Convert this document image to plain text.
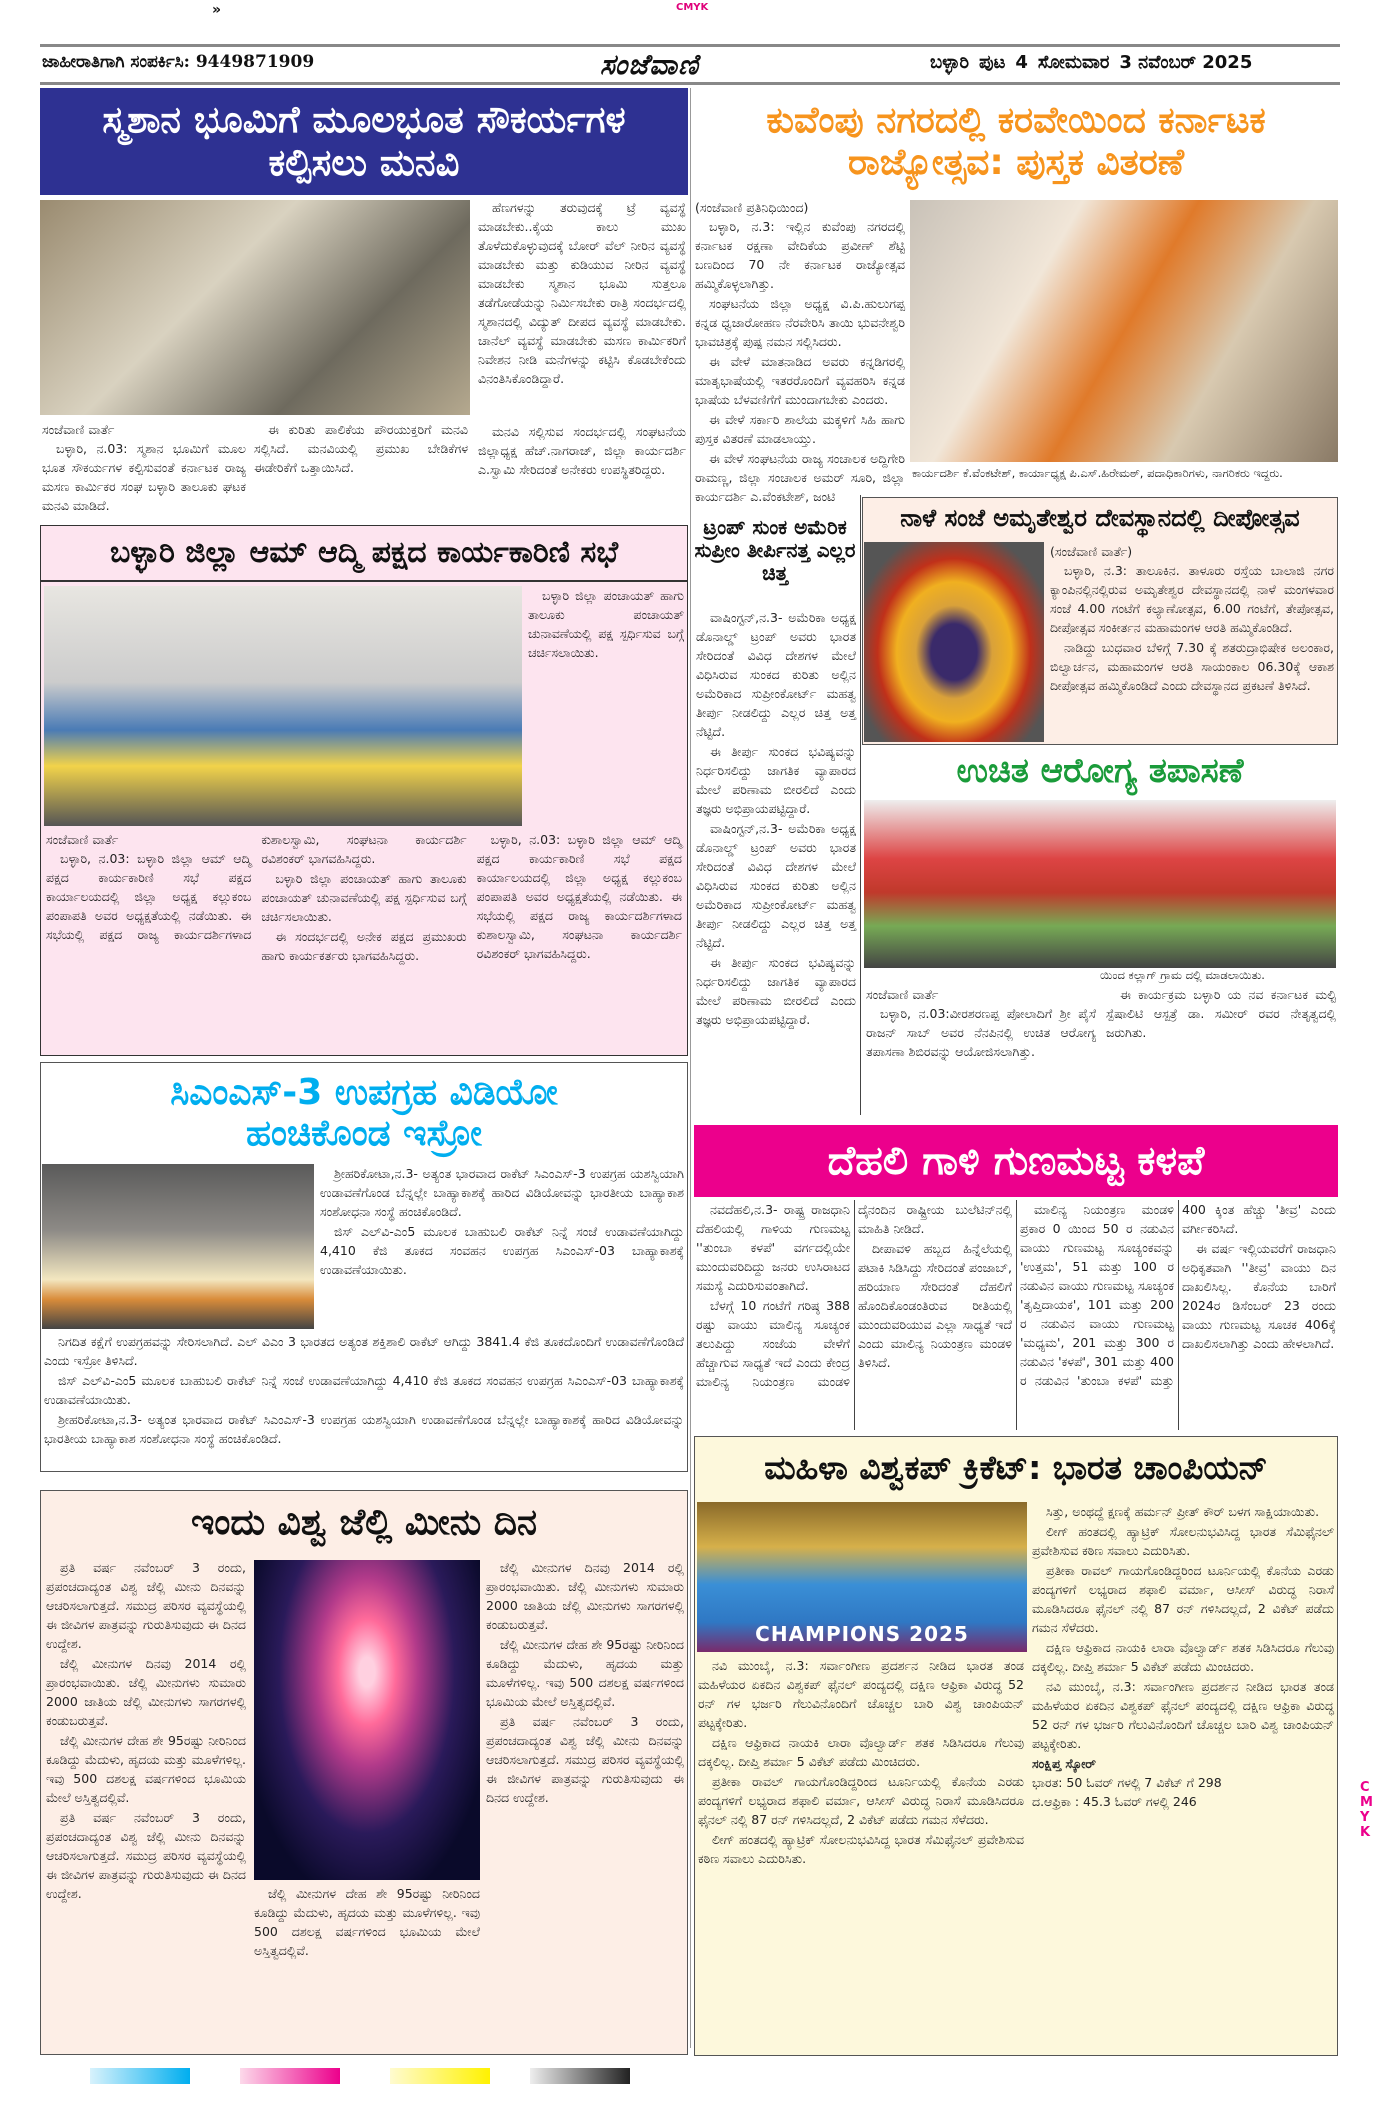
»	CMYK
ಜಾಹೀರಾತಿಗಾಗಿ ಸಂಪರ್ಕಿಸಿ: 9449871909	ಸಂಜೆವಾಣಿ	ಬಳ್ಳಾರಿ ಪುಟ 4 ಸೋಮವಾರ 3 ನವೆಂಬರ್ 2025
ಸ್ಮಶಾನ ಭೂಮಿಗೆ ಮೂಲಭೂತ ಸೌಕರ್ಯಗಳ ಕಲ್ಪಿಸಲು ಮನವಿ

ಹೆಣಗಳನ್ನು ತರುವುದಕ್ಕೆ ಟ್ರೆ ವ್ಯವಸ್ಥೆ ಮಾಡಬೇಕು..ಕೈಯ ಕಾಲು ಮುಖ ತೊಳೆದುಕೊಳ್ಳುವುದಕ್ಕೆ ಬೋರ್ ವೆಲ್ ನೀರಿನ ವ್ಯವಸ್ಥೆ ಮಾಡಬೇಕು ಮತ್ತು ಕುಡಿಯುವ ನೀರಿನ ವ್ಯವಸ್ಥೆ ಮಾಡಬೇಕು ಸ್ಮಶಾನ ಭೂಮಿ ಸುತ್ತಲೂ ತಡೆಗೋಡೆಯನ್ನು ನಿರ್ಮಿಸಬೇಕು ರಾತ್ರಿ ಸಂದರ್ಭದಲ್ಲಿ ಸ್ಮಶಾನದಲ್ಲಿ ವಿದ್ಯುತ್ ದೀಪದ ವ್ಯವಸ್ಥೆ ಮಾಡಬೇಕು. ಚಾನೆಲ್ ವ್ಯವಸ್ಥೆ ಮಾಡಬೇಕು ಮಸಣ ಕಾರ್ಮಿಕರಿಗೆ ನಿವೇಶನ ನೀಡಿ ಮನೆಗಳನ್ನು ಕಟ್ಟಿಸಿ ಕೊಡಬೇಕೆಂದು ವಿನಂತಿಸಿಕೊಂಡಿದ್ದಾರೆ.

ಸಂಜೆವಾಣಿ ವಾರ್ತೆ

ಬಳ್ಳಾರಿ, ನ.03: ಸ್ಮಶಾನ ಭೂಮಿಗೆ ಮೂಲ ಭೂತ ಸೌಕರ್ಯಗಳ ಕಲ್ಪಿಸುವಂತೆ ಕರ್ನಾಟಕ ರಾಜ್ಯ ಮಸಣ ಕಾರ್ಮಿಕರ ಸಂಘ ಬಳ್ಳಾರಿ ತಾಲೂಕು ಘಟಕ ಮನವಿ ಮಾಡಿದೆ.

ಈ ಕುರಿತು ಪಾಲಿಕೆಯ ಪೌರಯುಕ್ತರಿಗೆ ಮನವಿ ಸಲ್ಲಿಸಿದೆ. ಮನವಿಯಲ್ಲಿ ಪ್ರಮುಖ ಬೇಡಿಕೆಗಳ ಈಡೇರಿಕೆಗೆ ಒತ್ತಾಯಿಸಿದೆ.

ಮನವಿ ಸಲ್ಲಿಸುವ ಸಂದರ್ಭದಲ್ಲಿ ಸಂಘಟನೆಯ ಜಿಲ್ಲಾಧ್ಯಕ್ಷ ಹೆಚ್.ನಾಗರಾಜ್, ಜಿಲ್ಲಾ ಕಾರ್ಯದರ್ಶಿ ಎ.ಸ್ವಾಮಿ ಸೇರಿದಂತೆ ಅನೇಕರು ಉಪಸ್ಥಿತರಿದ್ದರು.

ಕುವೆಂಪು ನಗರದಲ್ಲಿ ಕರವೇಯಿಂದ ಕರ್ನಾಟಕ ರಾಜ್ಯೋತ್ಸವ: ಪುಸ್ತಕ ವಿತರಣೆ
(ಸಂಜೆವಾಣಿ ಪ್ರತಿನಿಧಿಯಿಂದ)

ಬಳ್ಳಾರಿ, ನ.3: ಇಲ್ಲಿನ ಕುವೆಂಪು ನಗರದಲ್ಲಿ ಕರ್ನಾಟಕ ರಕ್ಷಣಾ ವೇದಿಕೆಯ ಪ್ರವೀಣ್ ಶೆಟ್ಟಿ ಬಣದಿಂದ 70 ನೇ ಕರ್ನಾಟಕ ರಾಜ್ಯೋತ್ಸವ ಹಮ್ಮಿಕೊಳ್ಳಲಾಗಿತ್ತು.

ಸಂಘಟನೆಯ ಜಿಲ್ಲಾ ಅಧ್ಯಕ್ಷ ವಿ.ಪಿ.ಹುಲುಗಪ್ಪ ಕನ್ನಡ ಧ್ವಜಾರೋಹಣ ನೆರವೇರಿಸಿ ತಾಯಿ ಭುವನೇಶ್ವರಿ ಭಾವಚಿತ್ರಕ್ಕೆ ಪುಷ್ಪ ನಮನ ಸಲ್ಲಿಸಿದರು.

ಈ ವೇಳೆ ಮಾತನಾಡಿದ ಅವರು ಕನ್ನಡಿಗರಲ್ಲಿ ಮಾತೃಭಾಷೆಯಲ್ಲಿ ಇತರರೊಂದಿಗೆ ವ್ಯವಹರಿಸಿ ಕನ್ನಡ ಭಾಷೆಯ ಬೆಳವಣಿಗೆಗೆ ಮುಂದಾಗಬೇಕು ಎಂದರು.

ಈ ವೇಳೆ ಸರ್ಕಾರಿ ಶಾಲೆಯ ಮಕ್ಕಳಿಗೆ ಸಿಹಿ ಹಾಗು ಪುಸ್ತಕ ವಿತರಣೆ ಮಾಡಲಾಯ್ತು.

ಈ ವೇಳೆ ಸಂಘಟನೆಯ ರಾಜ್ಯ ಸಂಚಾಲಕ ಅದ್ದಿಗೇರಿ ರಾಮಣ್ಣ, ಜಿಲ್ಲಾ ಸಂಚಾಲಕ ಅಮರ್ ಸೂರಿ, ಜಿಲ್ಲಾ ಕಾರ್ಯದರ್ಶಿ ಎ.ವೆಂಕಟೇಶ್, ಜಂಟಿ

ಕಾರ್ಯದರ್ಶಿ ಕೆ.ವೆಂಕಟೇಶ್, ಕಾರ್ಯಾಧ್ಯಕ್ಷ ಪಿ.ಎಸ್.ಹಿರೇಮಠ್, ಪದಾಧಿಕಾರಿಗಳು, ನಾಗರಿಕರು ಇದ್ದರು.
ಬಳ್ಳಾರಿ ಜಿಲ್ಲಾ ಆಮ್ ಆದ್ಮಿ ಪಕ್ಷದ ಕಾರ್ಯಕಾರಿಣಿ ಸಭೆ

ಬಳ್ಳಾರಿ ಜಿಲ್ಲಾ ಪಂಚಾಯತ್ ಹಾಗು ತಾಲೂಕು ಪಂಚಾಯತ್ ಚುನಾವಣೆಯಲ್ಲಿ ಪಕ್ಷ ಸ್ಪರ್ಧಿಸುವ ಬಗ್ಗೆ ಚರ್ಚಿಸಲಾಯಿತು.

ಸಂಜೆವಾಣಿ ವಾರ್ತೆ

ಬಳ್ಳಾರಿ, ನ.03: ಬಳ್ಳಾರಿ ಜಿಲ್ಲಾ ಆಮ್ ಆದ್ಮಿ ಪಕ್ಷದ ಕಾರ್ಯಕಾರಿಣಿ ಸಭೆ ಪಕ್ಷದ ಕಾರ್ಯಾಲಯದಲ್ಲಿ ಜಿಲ್ಲಾ ಅಧ್ಯಕ್ಷ ಕಲ್ಲುಕಂಬ ಪಂಪಾಪತಿ ಅವರ ಅಧ್ಯಕ್ಷತೆಯಲ್ಲಿ ನಡೆಯಿತು. ಈ ಸಭೆಯಲ್ಲಿ ಪಕ್ಷದ ರಾಜ್ಯ ಕಾರ್ಯದರ್ಶಿಗಳಾದ ಕುಶಾಲಸ್ವಾಮಿ, ಸಂಘಟನಾ ಕಾರ್ಯದರ್ಶಿ ರವಿಶಂಕರ್ ಭಾಗವಹಿಸಿದ್ದರು.

ಬಳ್ಳಾರಿ ಜಿಲ್ಲಾ ಪಂಚಾಯತ್ ಹಾಗು ತಾಲೂಕು ಪಂಚಾಯತ್ ಚುನಾವಣೆಯಲ್ಲಿ ಪಕ್ಷ ಸ್ಪರ್ಧಿಸುವ ಬಗ್ಗೆ ಚರ್ಚಿಸಲಾಯಿತು.

ಈ ಸಂದರ್ಭದಲ್ಲಿ ಅನೇಕ ಪಕ್ಷದ ಪ್ರಮುಖರು ಹಾಗು ಕಾರ್ಯಕರ್ತರು ಭಾಗವಹಿಸಿದ್ದರು.

ಬಳ್ಳಾರಿ, ನ.03: ಬಳ್ಳಾರಿ ಜಿಲ್ಲಾ ಆಮ್ ಆದ್ಮಿ ಪಕ್ಷದ ಕಾರ್ಯಕಾರಿಣಿ ಸಭೆ ಪಕ್ಷದ ಕಾರ್ಯಾಲಯದಲ್ಲಿ ಜಿಲ್ಲಾ ಅಧ್ಯಕ್ಷ ಕಲ್ಲುಕಂಬ ಪಂಪಾಪತಿ ಅವರ ಅಧ್ಯಕ್ಷತೆಯಲ್ಲಿ ನಡೆಯಿತು. ಈ ಸಭೆಯಲ್ಲಿ ಪಕ್ಷದ ರಾಜ್ಯ ಕಾರ್ಯದರ್ಶಿಗಳಾದ ಕುಶಾಲಸ್ವಾಮಿ, ಸಂಘಟನಾ ಕಾರ್ಯದರ್ಶಿ ರವಿಶಂಕರ್ ಭಾಗವಹಿಸಿದ್ದರು.

ಟ್ರಂಪ್ ಸುಂಕ ಅಮೆರಿಕ ಸುಪ್ರೀಂ ತೀರ್ಪಿನತ್ತ ಎಲ್ಲರ ಚಿತ್ತ

ವಾಷಿಂಗ್ಟನ್,ನ.3- ಅಮೆರಿಕಾ ಅಧ್ಯಕ್ಷ ಡೊನಾಲ್ಡ್ ಟ್ರಂಪ್ ಅವರು ಭಾರತ ಸೇರಿದಂತೆ ವಿವಿಧ ದೇಶಗಳ ಮೇಲೆ ವಿಧಿಸಿರುವ ಸುಂಕದ ಕುರಿತು ಅಲ್ಲಿನ ಅಮೆರಿಕಾದ ಸುಪ್ರೀಂಕೋರ್ಟ್ ಮಹತ್ವ ತೀರ್ಪು ನೀಡಲಿದ್ದು ಎಲ್ಲರ ಚಿತ್ತ ಅತ್ತ ನೆಟ್ಟಿದೆ.

ಈ ತೀರ್ಪು ಸುಂಕದ ಭವಿಷ್ಯವನ್ನು ನಿರ್ಧರಿಸಲಿದ್ದು ಜಾಗತಿಕ ವ್ಯಾಪಾರದ ಮೇಲೆ ಪರಿಣಾಮ ಬೀರಲಿದೆ ಎಂದು ತಜ್ಞರು ಅಭಿಪ್ರಾಯಪಟ್ಟಿದ್ದಾರೆ.

ವಾಷಿಂಗ್ಟನ್,ನ.3- ಅಮೆರಿಕಾ ಅಧ್ಯಕ್ಷ ಡೊನಾಲ್ಡ್ ಟ್ರಂಪ್ ಅವರು ಭಾರತ ಸೇರಿದಂತೆ ವಿವಿಧ ದೇಶಗಳ ಮೇಲೆ ವಿಧಿಸಿರುವ ಸುಂಕದ ಕುರಿತು ಅಲ್ಲಿನ ಅಮೆರಿಕಾದ ಸುಪ್ರೀಂಕೋರ್ಟ್ ಮಹತ್ವ ತೀರ್ಪು ನೀಡಲಿದ್ದು ಎಲ್ಲರ ಚಿತ್ತ ಅತ್ತ ನೆಟ್ಟಿದೆ.

ಈ ತೀರ್ಪು ಸುಂಕದ ಭವಿಷ್ಯವನ್ನು ನಿರ್ಧರಿಸಲಿದ್ದು ಜಾಗತಿಕ ವ್ಯಾಪಾರದ ಮೇಲೆ ಪರಿಣಾಮ ಬೀರಲಿದೆ ಎಂದು ತಜ್ಞರು ಅಭಿಪ್ರಾಯಪಟ್ಟಿದ್ದಾರೆ.

ನಾಳೆ ಸಂಜೆ ಅಮೃತೇಶ್ವರ ದೇವಸ್ಥಾನದಲ್ಲಿ ದೀಪೋತ್ಸವ
(ಸಂಜೆವಾಣಿ ವಾರ್ತೆ)

ಬಳ್ಳಾರಿ, ನ.3: ತಾಲೂಕಿನ. ತಾಳೂರು ರಸ್ತೆಯ ಬಾಲಾಜಿ ನಗರ ಕ್ಯಾಂಪಿನಲ್ಲಿನಲ್ಲಿರುವ ಅಮೃತೇಶ್ವರ ದೇವಸ್ಥಾನದಲ್ಲಿ ನಾಳೆ ಮಂಗಳವಾರ ಸಂಜೆ 4.00 ಗಂಟೆಗೆ ಕಲ್ಯಾಣೋತ್ಸವ, 6.00 ಗಂಟೆಗೆ, ತೇಪೋತ್ಸವ, ದೀಪೋತ್ಸವ ಸಂಕೀರ್ತನ ಮಹಾಮಂಗಳ ಆರತಿ ಹಮ್ಮಿಕೊಂಡಿದೆ.

ನಾಡಿದ್ದು ಬುಧವಾರ ಬೆಳಿಗ್ಗೆ 7.30 ಕ್ಕೆ ಶತರುದ್ರಾಭಿಷೇಕ ಅಲಂಕಾರ, ಬಿಲ್ವಾರ್ಚನ, ಮಹಾಮಂಗಳ ಆರತಿ ಸಾಯಂಕಾಲ 06.30ಕ್ಕೆ ಆಕಾಶ ದೀಪೋತ್ಸವ ಹಮ್ಮಿಕೊಂಡಿದೆ ಎಂದು ದೇವಸ್ಥಾನದ ಪ್ರಕಟಣೆ ತಿಳಿಸಿದೆ.

ಉಚಿತ ಆರೋಗ್ಯ ತಪಾಸಣೆ
ಯಿಂದ ಕಲ್ಲಾಗ್ ಗ್ರಾಮ ದಲ್ಲಿ ಮಾಡಲಾಯಿತು.
ಸಂಜೆವಾಣಿ ವಾರ್ತೆ

ಬಳ್ಳಾರಿ, ನ.03:ವೀರಶರಣಪ್ಪ ಪೋಲಾದಿಗೆ ಶ್ರೀ ಪೈಸೆ ರಾಜನ್ ಸಾಬ್ ಅವರ ನೆನಪಿನಲ್ಲಿ ಉಚಿತ ಆರೋಗ್ಯ ತಪಾಸಣಾ ಶಿಬಿರವನ್ನು ಆಯೋಜಿಸಲಾಗಿತ್ತು.

ಈ ಕಾರ್ಯಕ್ರಮ ಬಳ್ಳಾರಿ ಯ ನವ ಕರ್ನಾಟಕ ಮಲ್ಟಿ ಸ್ಪೆಷಾಲಿಟಿ ಆಸ್ಪತ್ರೆ ಡಾ. ಸಮೀರ್ ರವರ ನೇತೃತ್ವದಲ್ಲಿ ಜರುಗಿತು.

ಸಿಎಂಎಸ್-3 ಉಪಗ್ರಹ ವಿಡಿಯೋ ಹಂಚಿಕೊಂಡ ಇಸ್ರೋ

ಶ್ರೀಹರಿಕೋಟಾ,ನ.3- ಅತ್ಯಂತ ಭಾರವಾದ ರಾಕೆಟ್ ಸಿಎಂಎಸ್-3 ಉಪಗ್ರಹ ಯಶಸ್ವಿಯಾಗಿ ಉಡಾವಣೆಗೊಂಡ ಬೆನ್ನಲ್ಲೇ ಬಾಹ್ಯಾಕಾಶಕ್ಕೆ ಹಾರಿದ ವಿಡಿಯೋವನ್ನು ಭಾರತೀಯ ಬಾಹ್ಯಾಕಾಶ ಸಂಶೋಧನಾ ಸಂಸ್ಥೆ ಹಂಚಿಕೊಂಡಿದೆ.

ಜಿಸ್ ಎಲ್‌ವಿ-ಎಂ5 ಮೂಲಕ ಬಾಹುಬಲಿ ರಾಕೆಟ್ ನಿನ್ನೆ ಸಂಜೆ ಉಡಾವಣೆಯಾಗಿದ್ದು 4,410 ಕೆಜಿ ತೂಕದ ಸಂವಹನ ಉಪಗ್ರಹ ಸಿಎಂಎಸ್-03 ಬಾಹ್ಯಾಕಾಶಕ್ಕೆ ಉಡಾವಣೆಯಾಯಿತು.

ನಿಗದಿತ ಕಕ್ಷೆಗೆ ಉಪಗ್ರಹವನ್ನು ಸೇರಿಸಲಾಗಿದೆ. ಎಲ್ ವಿಎಂ 3 ಭಾರತದ ಅತ್ಯಂತ ಶಕ್ತಿಶಾಲಿ ರಾಕೆಟ್ ಆಗಿದ್ದು 3841.4 ಕೆಜಿ ತೂಕದೊಂದಿಗೆ ಉಡಾವಣೆಗೊಂಡಿದೆ ಎಂದು ಇಸ್ರೋ ತಿಳಿಸಿದೆ.

ಜಿಸ್ ಎಲ್‌ವಿ-ಎಂ5 ಮೂಲಕ ಬಾಹುಬಲಿ ರಾಕೆಟ್ ನಿನ್ನೆ ಸಂಜೆ ಉಡಾವಣೆಯಾಗಿದ್ದು 4,410 ಕೆಜಿ ತೂಕದ ಸಂವಹನ ಉಪಗ್ರಹ ಸಿಎಂಎಸ್-03 ಬಾಹ್ಯಾಕಾಶಕ್ಕೆ ಉಡಾವಣೆಯಾಯಿತು.

ಶ್ರೀಹರಿಕೋಟಾ,ನ.3- ಅತ್ಯಂತ ಭಾರವಾದ ರಾಕೆಟ್ ಸಿಎಂಎಸ್-3 ಉಪಗ್ರಹ ಯಶಸ್ವಿಯಾಗಿ ಉಡಾವಣೆಗೊಂಡ ಬೆನ್ನಲ್ಲೇ ಬಾಹ್ಯಾಕಾಶಕ್ಕೆ ಹಾರಿದ ವಿಡಿಯೋವನ್ನು ಭಾರತೀಯ ಬಾಹ್ಯಾಕಾಶ ಸಂಶೋಧನಾ ಸಂಸ್ಥೆ ಹಂಚಿಕೊಂಡಿದೆ.

ಇಂದು ವಿಶ್ವ ಜೆಲ್ಲಿ ಮೀನು ದಿನ

ಪ್ರತಿ ವರ್ಷ ನವೆಂಬರ್ 3 ರಂದು, ಪ್ರಪಂಚದಾದ್ಯಂತ ವಿಶ್ವ ಜೆಲ್ಲಿ ಮೀನು ದಿನವನ್ನು ಆಚರಿಸಲಾಗುತ್ತದೆ. ಸಮುದ್ರ ಪರಿಸರ ವ್ಯವಸ್ಥೆಯಲ್ಲಿ ಈ ಜೀವಿಗಳ ಪಾತ್ರವನ್ನು ಗುರುತಿಸುವುದು ಈ ದಿನದ ಉದ್ದೇಶ.

ಜೆಲ್ಲಿ ಮೀನುಗಳ ದಿನವು 2014 ರಲ್ಲಿ ಪ್ರಾರಂಭವಾಯಿತು. ಜೆಲ್ಲಿ ಮೀನುಗಳು ಸುಮಾರು 2000 ಜಾತಿಯ ಜೆಲ್ಲಿ ಮೀನುಗಳು ಸಾಗರಗಳಲ್ಲಿ ಕಂಡುಬರುತ್ತವೆ.

ಜೆಲ್ಲಿ ಮೀನುಗಳ ದೇಹ ಶೇ 95ರಷ್ಟು ನೀರಿನಿಂದ ಕೂಡಿದ್ದು ಮೆದುಳು, ಹೃದಯ ಮತ್ತು ಮೂಳೆಗಳಿಲ್ಲ. ಇವು 500 ದಶಲಕ್ಷ ವರ್ಷಗಳಿಂದ ಭೂಮಿಯ ಮೇಲೆ ಅಸ್ತಿತ್ವದಲ್ಲಿವೆ.

ಪ್ರತಿ ವರ್ಷ ನವೆಂಬರ್ 3 ರಂದು, ಪ್ರಪಂಚದಾದ್ಯಂತ ವಿಶ್ವ ಜೆಲ್ಲಿ ಮೀನು ದಿನವನ್ನು ಆಚರಿಸಲಾಗುತ್ತದೆ. ಸಮುದ್ರ ಪರಿಸರ ವ್ಯವಸ್ಥೆಯಲ್ಲಿ ಈ ಜೀವಿಗಳ ಪಾತ್ರವನ್ನು ಗುರುತಿಸುವುದು ಈ ದಿನದ ಉದ್ದೇಶ.	ಜೆಲ್ಲಿ ಮೀನುಗಳ ದೇಹ ಶೇ 95ರಷ್ಟು ನೀರಿನಿಂದ ಕೂಡಿದ್ದು ಮೆದುಳು, ಹೃದಯ ಮತ್ತು ಮೂಳೆಗಳಿಲ್ಲ. ಇವು 500 ದಶಲಕ್ಷ ವರ್ಷಗಳಿಂದ ಭೂಮಿಯ ಮೇಲೆ ಅಸ್ತಿತ್ವದಲ್ಲಿವೆ.

ಜೆಲ್ಲಿ ಮೀನುಗಳ ದಿನವು 2014 ರಲ್ಲಿ ಪ್ರಾರಂಭವಾಯಿತು. ಜೆಲ್ಲಿ ಮೀನುಗಳು ಸುಮಾರು 2000 ಜಾತಿಯ ಜೆಲ್ಲಿ ಮೀನುಗಳು ಸಾಗರಗಳಲ್ಲಿ ಕಂಡುಬರುತ್ತವೆ.

ಜೆಲ್ಲಿ ಮೀನುಗಳ ದೇಹ ಶೇ 95ರಷ್ಟು ನೀರಿನಿಂದ ಕೂಡಿದ್ದು ಮೆದುಳು, ಹೃದಯ ಮತ್ತು ಮೂಳೆಗಳಿಲ್ಲ. ಇವು 500 ದಶಲಕ್ಷ ವರ್ಷಗಳಿಂದ ಭೂಮಿಯ ಮೇಲೆ ಅಸ್ತಿತ್ವದಲ್ಲಿವೆ.

ಪ್ರತಿ ವರ್ಷ ನವೆಂಬರ್ 3 ರಂದು, ಪ್ರಪಂಚದಾದ್ಯಂತ ವಿಶ್ವ ಜೆಲ್ಲಿ ಮೀನು ದಿನವನ್ನು ಆಚರಿಸಲಾಗುತ್ತದೆ. ಸಮುದ್ರ ಪರಿಸರ ವ್ಯವಸ್ಥೆಯಲ್ಲಿ ಈ ಜೀವಿಗಳ ಪಾತ್ರವನ್ನು ಗುರುತಿಸುವುದು ಈ ದಿನದ ಉದ್ದೇಶ.

ದೆಹಲಿ ಗಾಳಿ ಗುಣಮಟ್ಟ ಕಳಪೆ

ನವದೆಹಲಿ,ನ.3- ರಾಷ್ಟ್ರ ರಾಜಧಾನಿ ದೆಹಲಿಯಲ್ಲಿ ಗಾಳಿಯ ಗುಣಮಟ್ಟ ''ತುಂಬಾ ಕಳಪೆ' ವರ್ಗದಲ್ಲಿಯೇ ಮುಂದುವರಿದಿದ್ದು ಜನರು ಉಸಿರಾಟದ ಸಮಸ್ಯೆ ಎದುರಿಸುವಂತಾಗಿದೆ.

ಬೆಳಗ್ಗೆ 10 ಗಂಟೆಗೆ ಗರಿಷ್ಠ 388 ರಷ್ಟು ವಾಯು ಮಾಲಿನ್ಯ ಸೂಚ್ಯಂಕ ತಲುಪಿದ್ದು ಸಂಜೆಯ ವೇಳೆಗೆ ಹೆಚ್ಚಾಗುವ ಸಾಧ್ಯತೆ ಇದೆ ಎಂದು ಕೇಂದ್ರ ಮಾಲಿನ್ಯ ನಿಯಂತ್ರಣ ಮಂಡಳಿ ದೈನಂದಿನ ರಾಷ್ಟ್ರೀಯ ಬುಲೆಟಿನ್‌ನಲ್ಲಿ ಮಾಹಿತಿ ನೀಡಿದೆ.

ದೀಪಾವಳಿ ಹಬ್ಬದ ಹಿನ್ನೆಲೆಯಲ್ಲಿ ಪಟಾಕಿ ಸಿಡಿಸಿದ್ದು ಸೇರಿದಂತೆ ಪಂಜಾಬ್, ಹರಿಯಾಣ ಸೇರಿದಂತೆ ದೆಹಲಿಗೆ ಹೊಂದಿಕೊಂಡಂತಿರುವ ರೀತಿಯಲ್ಲಿ ಮುಂದುವರಿಯುವ ಎಲ್ಲಾ ಸಾಧ್ಯತೆ ಇದೆ ಎಂದು ಮಾಲಿನ್ಯ ನಿಯಂತ್ರಣ ಮಂಡಳಿ ತಿಳಿಸಿದೆ.

ಮಾಲಿನ್ಯ ನಿಯಂತ್ರಣ ಮಂಡಳಿ ಪ್ರಕಾರ 0 ಯಿಂದ 50 ರ ನಡುವಿನ ವಾಯು ಗುಣಮಟ್ಟ ಸೂಚ್ಯಂಕವನ್ನು 'ಉತ್ತಮ', 51 ಮತ್ತು 100 ರ ನಡುವಿನ ವಾಯು ಗುಣಮಟ್ಟ ಸೂಚ್ಯಂಕ 'ತೃಪ್ತಿದಾಯಕ', 101 ಮತ್ತು 200 ರ ನಡುವಿನ ವಾಯು ಗುಣಮಟ್ಟ 'ಮಧ್ಯಮ', 201 ಮತ್ತು 300 ರ ನಡುವಿನ 'ಕಳಪೆ', 301 ಮತ್ತು 400 ರ ನಡುವಿನ 'ತುಂಬಾ ಕಳಪೆ' ಮತ್ತು 400 ಕ್ಕಿಂತ ಹೆಚ್ಚು 'ತೀವ್ರ' ಎಂದು ವರ್ಗೀಕರಿಸಿದೆ.

ಈ ವರ್ಷ ಇಲ್ಲಿಯವರೆಗೆ ರಾಜಧಾನಿ ಅಧಿಕೃತವಾಗಿ ''ತೀವ್ರ' ವಾಯು ದಿನ ದಾಖಲಿಸಿಲ್ಲ. ಕೊನೆಯ ಬಾರಿಗೆ 2024ರ ಡಿಸೆಂಬರ್ 23 ರಂದು ವಾಯು ಗುಣಮಟ್ಟ ಸೂಚಕ 406ಕ್ಕೆ ದಾಖಲಿಸಲಾಗಿತ್ತು ಎಂದು ಹೇಳಲಾಗಿದೆ.

ಮಹಿಳಾ ವಿಶ್ವಕಪ್ ಕ್ರಿಕೆಟ್: ಭಾರತ ಚಾಂಪಿಯನ್
CHAMPIONS 2025

ಸಿತ್ತು, ಅಂಥದ್ದೆ ಕ್ಷಣಕ್ಕೆ ಹರ್ಮನ್ ಪ್ರೀತ್ ಕೌರ್ ಬಳಗ ಸಾಕ್ಷಿಯಾಯಿತು.

ಲೀಗ್ ಹಂತದಲ್ಲಿ ಹ್ಯಾಟ್ರಿಕ್ ಸೋಲನುಭವಿಸಿದ್ದ ಭಾರತ ಸೆಮಿಫೈನಲ್ ಪ್ರವೇಶಿಸುವ ಕಠಿಣ ಸವಾಲು ಎದುರಿಸಿತು.

ಪ್ರತೀಕಾ ರಾವಲ್ ಗಾಯಗೊಂಡಿದ್ದರಿಂದ ಟೂರ್ನಿಯಲ್ಲಿ ಕೊನೆಯ ಎರಡು ಪಂದ್ಯಗಳಿಗೆ ಲಭ್ಯರಾದ ಶಫಾಲಿ ವರ್ಮಾ, ಆಸೀಸ್ ವಿರುದ್ಧ ನಿರಾಸೆ ಮೂಡಿಸಿದರೂ ಫೈನಲ್ ನಲ್ಲಿ 87 ರನ್ ಗಳಿಸಿದಲ್ಲದೆ, 2 ವಿಕೆಟ್ ಪಡೆದು ಗಮನ ಸೆಳೆದರು.

ದಕ್ಷಿಣ ಆಫ್ರಿಕಾದ ನಾಯಕಿ ಲಾರಾ ವೊಲ್ವಾರ್ಡ್ ಶತಕ ಸಿಡಿಸಿದರೂ ಗೆಲುವು ದಕ್ಕಲಿಲ್ಲ. ದೀಪ್ತಿ ಶರ್ಮಾ 5 ವಿಕೆಟ್ ಪಡೆದು ಮಿಂಚಿದರು.

ನವಿ ಮುಂಬೈ, ನ.3: ಸರ್ವಾಂಗೀಣ ಪ್ರದರ್ಶನ ನೀಡಿದ ಭಾರತ ತಂಡ ಮಹಿಳೆಯರ ಏಕದಿನ ವಿಶ್ವಕಪ್ ಫೈನಲ್ ಪಂದ್ಯದಲ್ಲಿ ದಕ್ಷಿಣ ಆಫ್ರಿಕಾ ವಿರುದ್ಧ 52 ರನ್ ಗಳ ಭರ್ಜರಿ ಗೆಲುವಿನೊಂದಿಗೆ ಚೊಚ್ಚಲ ಬಾರಿ ವಿಶ್ವ ಚಾಂಪಿಯನ್ ಪಟ್ಟಕ್ಕೇರಿತು.

ಸಂಕ್ಷಿಪ್ತ ಸ್ಕೋರ್
ಭಾರತ: 50 ಓವರ್ ಗಳಲ್ಲಿ 7 ವಿಕೆಟ್ ಗೆ 298
ದ.ಆಫ್ರಿಕಾ : 45.3 ಓವರ್ ಗಳಲ್ಲಿ 246

ನವಿ ಮುಂಬೈ, ನ.3: ಸರ್ವಾಂಗೀಣ ಪ್ರದರ್ಶನ ನೀಡಿದ ಭಾರತ ತಂಡ ಮಹಿಳೆಯರ ಏಕದಿನ ವಿಶ್ವಕಪ್ ಫೈನಲ್ ಪಂದ್ಯದಲ್ಲಿ ದಕ್ಷಿಣ ಆಫ್ರಿಕಾ ವಿರುದ್ಧ 52 ರನ್ ಗಳ ಭರ್ಜರಿ ಗೆಲುವಿನೊಂದಿಗೆ ಚೊಚ್ಚಲ ಬಾರಿ ವಿಶ್ವ ಚಾಂಪಿಯನ್ ಪಟ್ಟಕ್ಕೇರಿತು.

ದಕ್ಷಿಣ ಆಫ್ರಿಕಾದ ನಾಯಕಿ ಲಾರಾ ವೊಲ್ವಾರ್ಡ್ ಶತಕ ಸಿಡಿಸಿದರೂ ಗೆಲುವು ದಕ್ಕಲಿಲ್ಲ. ದೀಪ್ತಿ ಶರ್ಮಾ 5 ವಿಕೆಟ್ ಪಡೆದು ಮಿಂಚಿದರು.

ಪ್ರತೀಕಾ ರಾವಲ್ ಗಾಯಗೊಂಡಿದ್ದರಿಂದ ಟೂರ್ನಿಯಲ್ಲಿ ಕೊನೆಯ ಎರಡು ಪಂದ್ಯಗಳಿಗೆ ಲಭ್ಯರಾದ ಶಫಾಲಿ ವರ್ಮಾ, ಆಸೀಸ್ ವಿರುದ್ಧ ನಿರಾಸೆ ಮೂಡಿಸಿದರೂ ಫೈನಲ್ ನಲ್ಲಿ 87 ರನ್ ಗಳಿಸಿದಲ್ಲದೆ, 2 ವಿಕೆಟ್ ಪಡೆದು ಗಮನ ಸೆಳೆದರು.

ಲೀಗ್ ಹಂತದಲ್ಲಿ ಹ್ಯಾಟ್ರಿಕ್ ಸೋಲನುಭವಿಸಿದ್ದ ಭಾರತ ಸೆಮಿಫೈನಲ್ ಪ್ರವೇಶಿಸುವ ಕಠಿಣ ಸವಾಲು ಎದುರಿಸಿತು.

CMYK
